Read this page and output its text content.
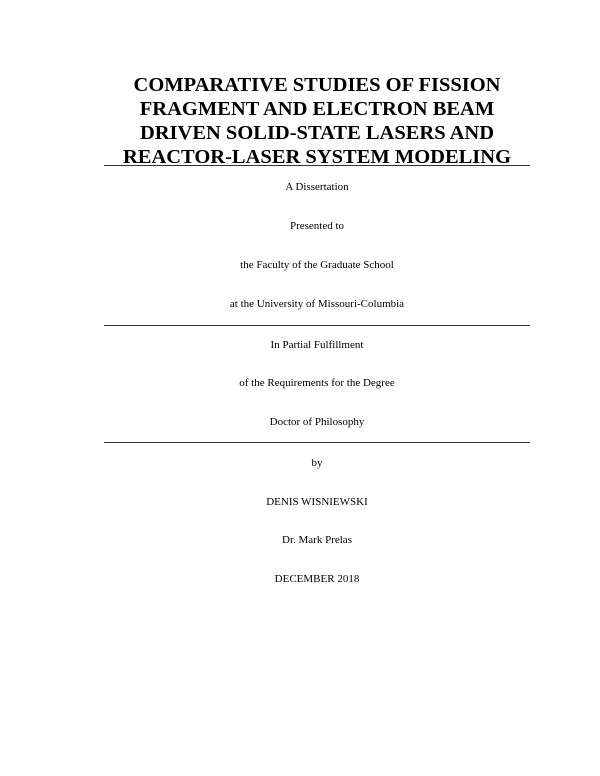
COMPARATIVE STUDIES OF FISSION
FRAGMENT AND ELECTRON BEAM
DRIVEN SOLID-STATE LASERS AND
REACTOR-LASER SYSTEM MODELING
A Dissertation
Presented to
the Faculty of the Graduate School
at the University of Missouri-Columbia
In Partial Fulfillment
of the Requirements for the Degree
Doctor of Philosophy
by
DENIS WISNIEWSKI
Dr. Mark Prelas
DECEMBER 2018
